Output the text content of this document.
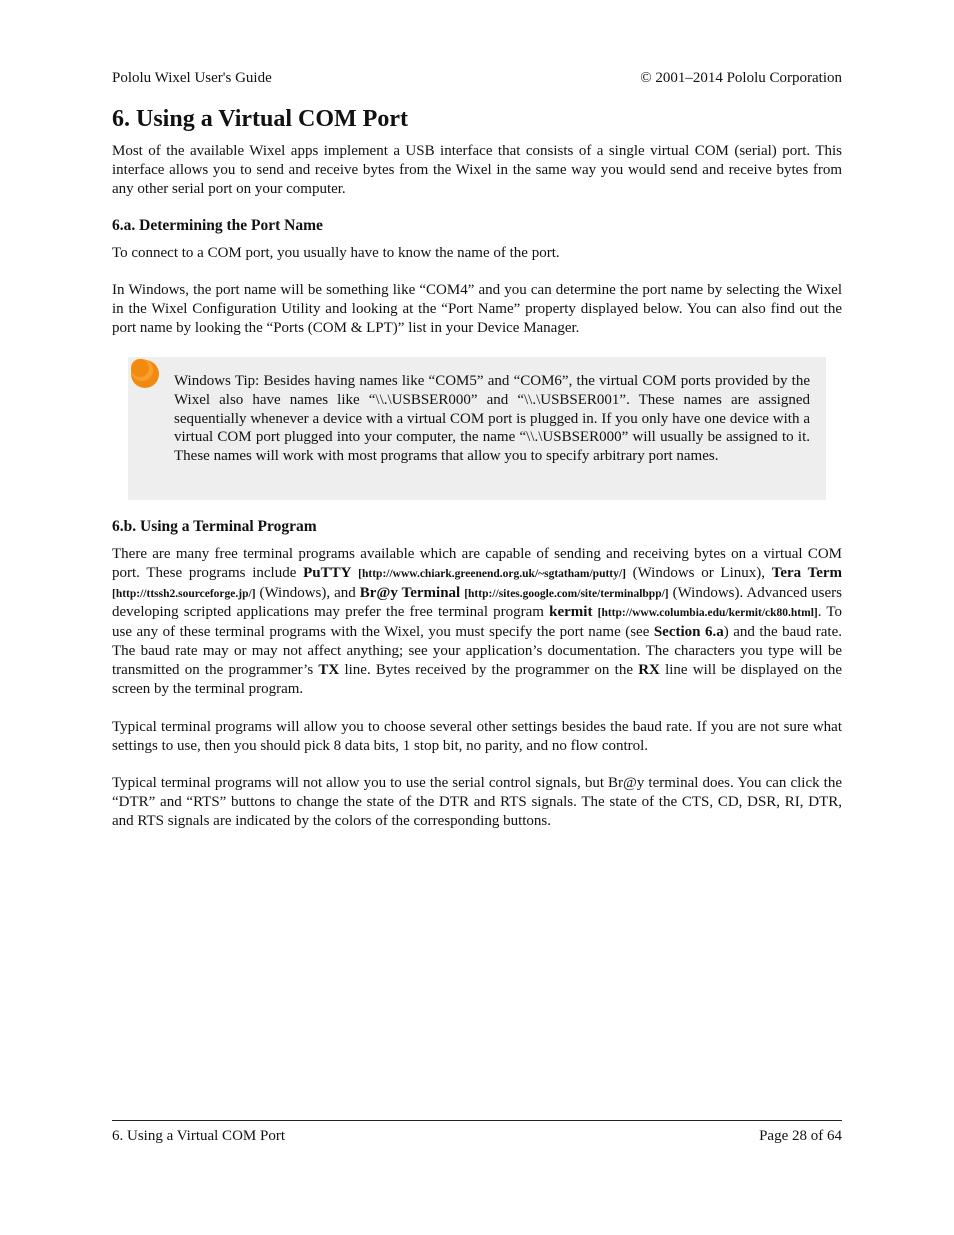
Pololu Wixel User's Guide	© 2001–2014 Pololu Corporation
6. Using a Virtual COM Port

Most of the available Wixel apps implement a USB interface that consists of a single virtual COM (serial) port. This interface allows you to send and receive bytes from the Wixel in the same way you would send and receive bytes from any other serial port on your computer.

6.a. Determining the Port Name

To connect to a COM port, you usually have to know the name of the port.

In Windows, the port name will be something like “COM4” and you can determine the port name by selecting the Wixel in the Wixel Configuration Utility and looking at the “Port Name” property displayed below. You can also find out the port name by looking the “Ports (COM & LPT)” list in your Device Manager.

Windows Tip: Besides having names like “COM5” and “COM6”, the virtual COM ports provided by the Wixel also have names like “\\.\USBSER000” and “\\.\USBSER001”. These names are assigned sequentially whenever a device with a virtual COM port is plugged in. If you only have one device with a virtual COM port plugged into your computer, the name “\\.\USBSER000” will usually be assigned to it. These names will work with most programs that allow you to specify arbitrary port names.

6.b. Using a Terminal Program

There are many free terminal programs available which are capable of sending and receiving bytes on a virtual COM port. These programs include PuTTY [http://www.chiark.greenend.org.uk/~sgtatham/putty/] (Windows or Linux), Tera Term [http://ttssh2.sourceforge.jp/] (Windows), and Br@y Terminal [http://sites.google.com/site/terminalbpp/] (Windows). Advanced users developing scripted applications may prefer the free terminal program kermit [http://www.columbia.edu/kermit/ck80.html]. To use any of these terminal programs with the Wixel, you must specify the port name (see Section 6.a) and the baud rate. The baud rate may or may not affect anything; see your application’s documentation. The characters you type will be transmitted on the programmer’s TX line. Bytes received by the programmer on the RX line will be displayed on the screen by the terminal program.

Typical terminal programs will allow you to choose several other settings besides the baud rate. If you are not sure what settings to use, then you should pick 8 data bits, 1 stop bit, no parity, and no flow control.

Typical terminal programs will not allow you to use the serial control signals, but Br@y terminal does. You can click the “DTR” and “RTS” buttons to change the state of the DTR and RTS signals. The state of the CTS, CD, DSR, RI, DTR, and RTS signals are indicated by the colors of the corresponding buttons.

6. Using a Virtual COM Port	Page 28 of 64
